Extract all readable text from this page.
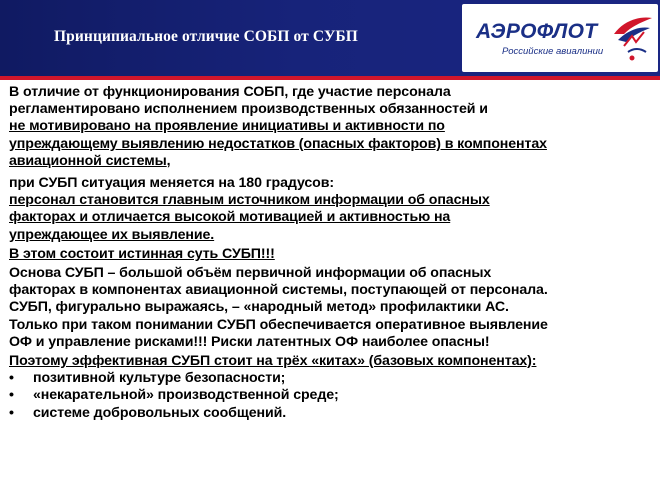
Принципиальное отличие СОБП от СУБП	АЭРОФЛОТ
Российские авиалинии

В отличие от функционирования СОБП, где участие персонала

регламентировано исполнением производственных обязанностей и

не мотивировано на проявление инициативы и активности по

упреждающему выявлению недостатков (опасных факторов) в компонентах

авиационной системы,

при СУБП ситуация меняется на 180 градусов:

персонал становится главным источником информации об опасных

факторах и отличается высокой мотивацией и активностью на

упреждающее их выявление.

В этом состоит истинная суть СУБП!!!

Основа СУБП – большой объём первичной информации об опасных

факторах в компонентах авиационной системы, поступающей от персонала.

СУБП, фигурально выражаясь, – «народный метод» профилактики АС.

Только при таком понимании СУБП обеспечивается оперативное выявление

ОФ и управление рисками!!! Риски латентных ОФ наиболее опасны!

Поэтому эффективная СУБП стоит на трёх «китах» (базовых компонентах):

• позитивной культуре безопасности;
• «некарательной» производственной среде;
• системе добровольных сообщений.
